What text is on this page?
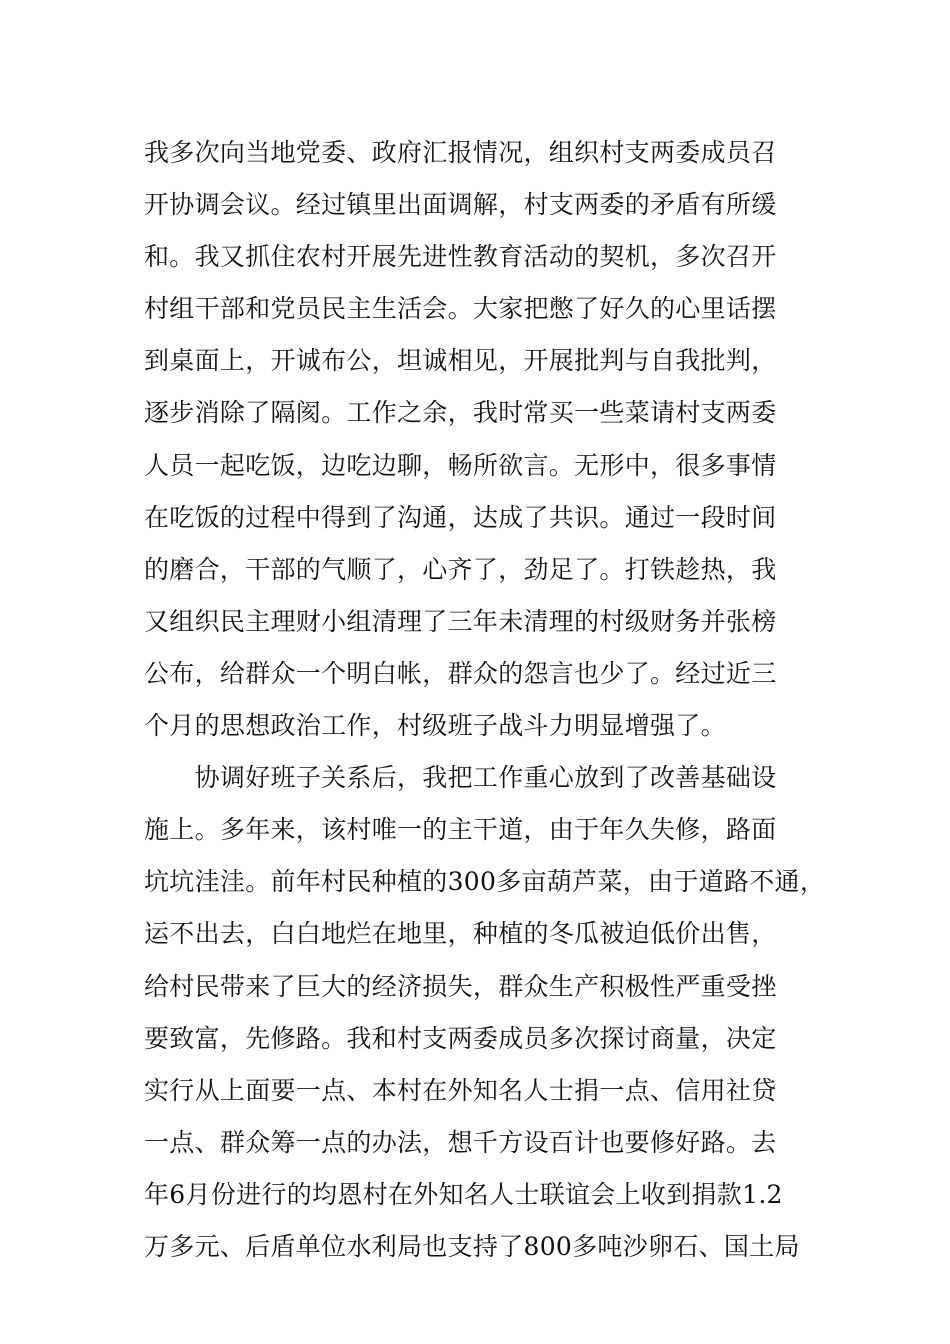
我多次向当地党委、政府汇报情况，组织村支两委成员召
开协调会议。经过镇里出面调解，村支两委的矛盾有所缓
和。我又抓住农村开展先进性教育活动的契机，多次召开
村组干部和党员民主生活会。大家把憋了好久的心里话摆
到桌面上，开诚布公，坦诚相见，开展批判与自我批判，
逐步消除了隔阂。工作之余，我时常买一些菜请村支两委
人员一起吃饭，边吃边聊，畅所欲言。无形中，很多事情
在吃饭的过程中得到了沟通，达成了共识。通过一段时间
的磨合，干部的气顺了，心齐了，劲足了。打铁趁热，我
又组织民主理财小组清理了三年未清理的村级财务并张榜
公布，给群众一个明白帐，群众的怨言也少了。经过近三
个月的思想政治工作，村级班子战斗力明显增强了。
　　协调好班子关系后，我把工作重心放到了改善基础设
施上。多年来，该村唯一的主干道，由于年久失修，路面
坑坑洼洼。前年村民种植的300多亩葫芦菜，由于道路不通，
运不出去，白白地烂在地里，种植的冬瓜被迫低价出售，
给村民带来了巨大的经济损失，群众生产积极性严重受挫
要致富，先修路。我和村支两委成员多次探讨商量，决定
实行从上面要一点、本村在外知名人士捐一点、信用社贷
一点、群众筹一点的办法，想千方设百计也要修好路。去
年6月份进行的均恩村在外知名人士联谊会上收到捐款1.2
万多元、后盾单位水利局也支持了800多吨沙卵石、国土局
